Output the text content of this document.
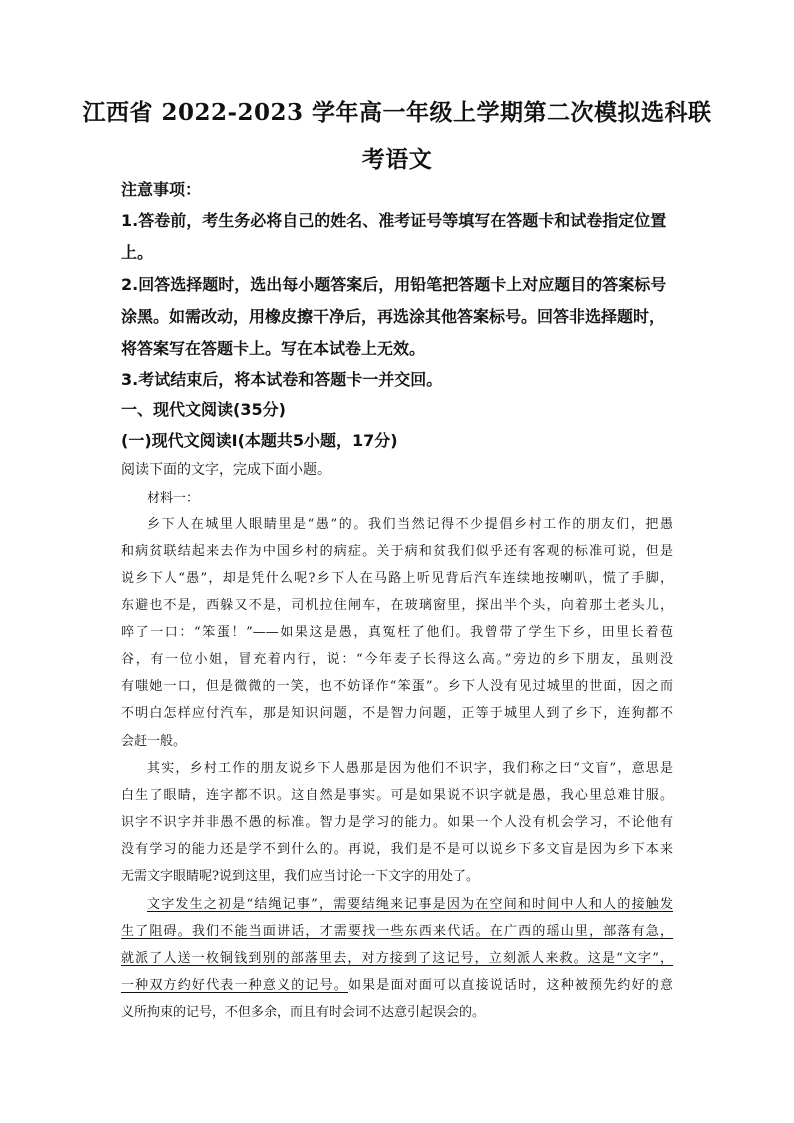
江西省 2022-2023 学年高一年级上学期第二次模拟选科联
考语文
注意事项：
1.答卷前，考生务必将自己的姓名、准考证号等填写在答题卡和试卷指定位置
上。
2.回答选择题时，选出每小题答案后，用铅笔把答题卡上对应题目的答案标号
涂黑。如需改动，用橡皮擦干净后，再选涂其他答案标号。回答非选择题时，
将答案写在答题卡上。写在本试卷上无效。
3.考试结束后，将本试卷和答题卡一并交回。
一、现代文阅读(35分)
(一)现代文阅读Ⅰ(本题共5小题，17分)
阅读下面的文字，完成下面小题。
材料一：
乡下人在城里人眼睛里是“愚”的。我们当然记得不少提倡乡村工作的朋友们，把愚
和病贫联结起来去作为中国乡村的病症。关于病和贫我们似乎还有客观的标准可说，但是
说乡下人“愚”，却是凭什么呢?乡下人在马路上听见背后汽车连续地按喇叭，慌了手脚，
东避也不是，西躲又不是，司机拉住闸车，在玻璃窗里，探出半个头，向着那土老头儿，
啐了一口：“笨蛋！”——如果这是愚，真冤枉了他们。我曾带了学生下乡，田里长着苞
谷，有一位小姐，冒充着内行，说：“今年麦子长得这么高。”旁边的乡下朋友，虽则没
有嗤她一口，但是微微的一笑，也不妨译作“笨蛋”。乡下人没有见过城里的世面，因之而
不明白怎样应付汽车，那是知识问题，不是智力问题，正等于城里人到了乡下，连狗都不
会赶一般。
其实，乡村工作的朋友说乡下人愚那是因为他们不识字，我们称之曰“文盲”，意思是
白生了眼睛，连字都不识。这自然是事实。可是如果说不识字就是愚，我心里总难甘服。
识字不识字并非愚不愚的标准。智力是学习的能力。如果一个人没有机会学习，不论他有
没有学习的能力还是学不到什么的。再说，我们是不是可以说乡下多文盲是因为乡下本来
无需文字眼睛呢?说到这里，我们应当讨论一下文字的用处了。
文字发生之初是“结绳记事”，需要结绳来记事是因为在空间和时间中人和人的接触发
生了阻碍。我们不能当面讲话，才需要找一些东西来代话。在广西的瑶山里，部落有急，
就派了人送一枚铜钱到别的部落里去，对方接到了这记号，立刻派人来救。这是“文字”，
一种双方约好代表一种意义的记号。如果是面对面可以直接说话时，这种被预先约好的意
义所拘束的记号，不但多余，而且有时会词不达意引起误会的。
